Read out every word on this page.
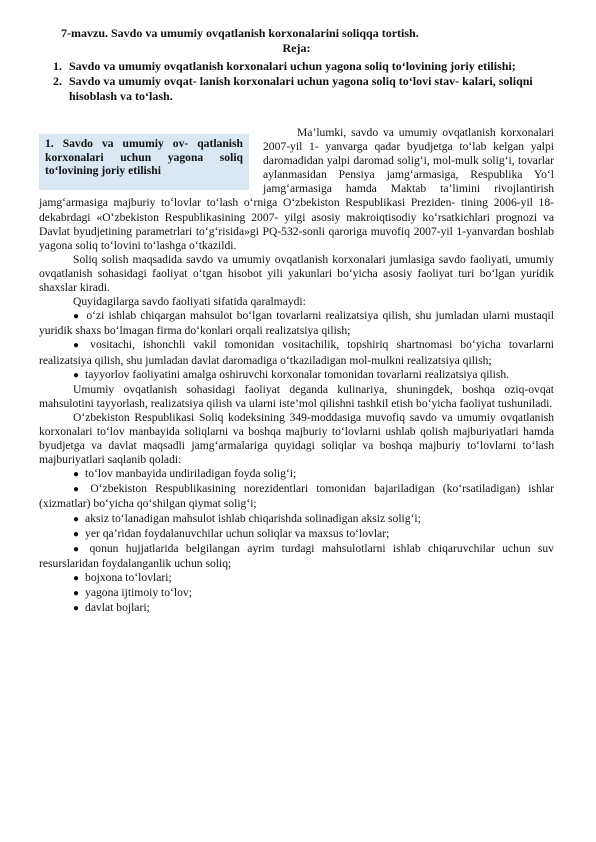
7-mavzu. Savdo va umumiy ovqatlanish korxonalarini soliqqa tortish.

Reja:

1. Savdo va umumiy ovqatlanish korxonalari uchun yagona soliq to‘lovining joriy etilishi;
2. Savdo va umumiy ovqat- lanish korxonalari uchun yagona soliq to‘lovi stav- kalari, soliqni hisoblash va to‘lash.
1. Savdo va umumiy ov- qatlanish korxonalari uchun yagona soliq to‘lovining joriy etilishi

Ma’lumki, savdo va umumiy ovqatlanish korxonalari 2007-yil 1- yanvarga qadar byudjetga to‘lab kelgan yalpi daromadidan yalpi daromad solig‘i, mol-mulk solig‘i, tovarlar aylanmasidan Pensiya jamg‘armasiga, Respublika Yo‘l jamg‘armasiga hamda Maktab ta’limini rivojlantirish jamg‘armasiga majburiy to‘lovlar to‘lash o‘rniga O‘zbekiston Respublikasi Preziden- tining 2006-yil 18-dekabrdagi «O‘zbekiston Respublikasining 2007- yilgi asosiy makroiqtisodiy ko‘rsatkichlari prognozi va Davlat byudjetining parametrlari to‘g‘risida»gi PQ-532-sonli qaroriga muvofiq 2007-yil 1-yanvardan boshlab yagona soliq to‘lovini to‘lashga o‘tkazildi.

Soliq solish maqsadida savdo va umumiy ovqatlanish korxonalari jumlasiga savdo faoliyati, umumiy ovqatlanish sohasidagi faoliyat o‘tgan hisobot yili yakunlari bo‘yicha asosiy faoliyat turi bo‘lgan yuridik shaxslar kiradi.

Quyidagilarga savdo faoliyati sifatida qaralmaydi:

● o‘zi ishlab chiqargan mahsulot bo‘lgan tovarlarni realizatsiya qilish, shu jumladan ularni mustaqil yuridik shaxs bo‘lmagan firma do‘konlari orqali realizatsiya qilish;

● vositachi, ishonchli vakil tomonidan vositachilik, topshiriq shartnomasi bo‘yicha tovarlarni realizatsiya qilish, shu jumladan davlat daromadiga o‘tkaziladigan mol-mulkni realizatsiya qilish;

● tayyorlov faoliyatini amalga oshiruvchi korxonalar tomonidan tovarlarni realizatsiya qilish.

Umumiy ovqatlanish sohasidagi faoliyat deganda kulinariya, shuningdek, boshqa oziq-ovqat mahsulotini tayyorlash, realizatsiya qilish va ularni iste’mol qilishni tashkil etish bo‘yicha faoliyat tushuniladi.

O‘zbekiston Respublikasi Soliq kodeksining 349-moddasiga muvofiq savdo va umumiy ovqatlanish korxonalari to‘lov manbayida soliqlarni va boshqa majburiy to‘lovlarni ushlab qolish majburiyatlari hamda byudjetga va davlat maqsadli jamg‘armalariga quyidagi soliqlar va boshqa majburiy to‘lovlarni to‘lash majburiyatlari saqlanib qoladi:

● to‘lov manbayida undiriladigan foyda solig‘i;

● O‘zbekiston Respublikasining norezidentlari tomonidan bajariladigan (ko‘rsatiladigan) ishlar (xizmatlar) bo‘yicha qo‘shilgan qiymat solig‘i;

● aksiz to‘lanadigan mahsulot ishlab chiqarishda solinadigan aksiz solig‘i;

● yer qa’ridan foydalanuvchilar uchun soliqlar va maxsus to‘lovlar;

● qonun hujjatlarida belgilangan ayrim turdagi mahsulotlarni ishlab chiqaruvchilar uchun suv resurslaridan foydalanganlik uchun soliq;

● bojxona to‘lovlari;

● yagona ijtimoiy to‘lov;

● davlat bojlari;
